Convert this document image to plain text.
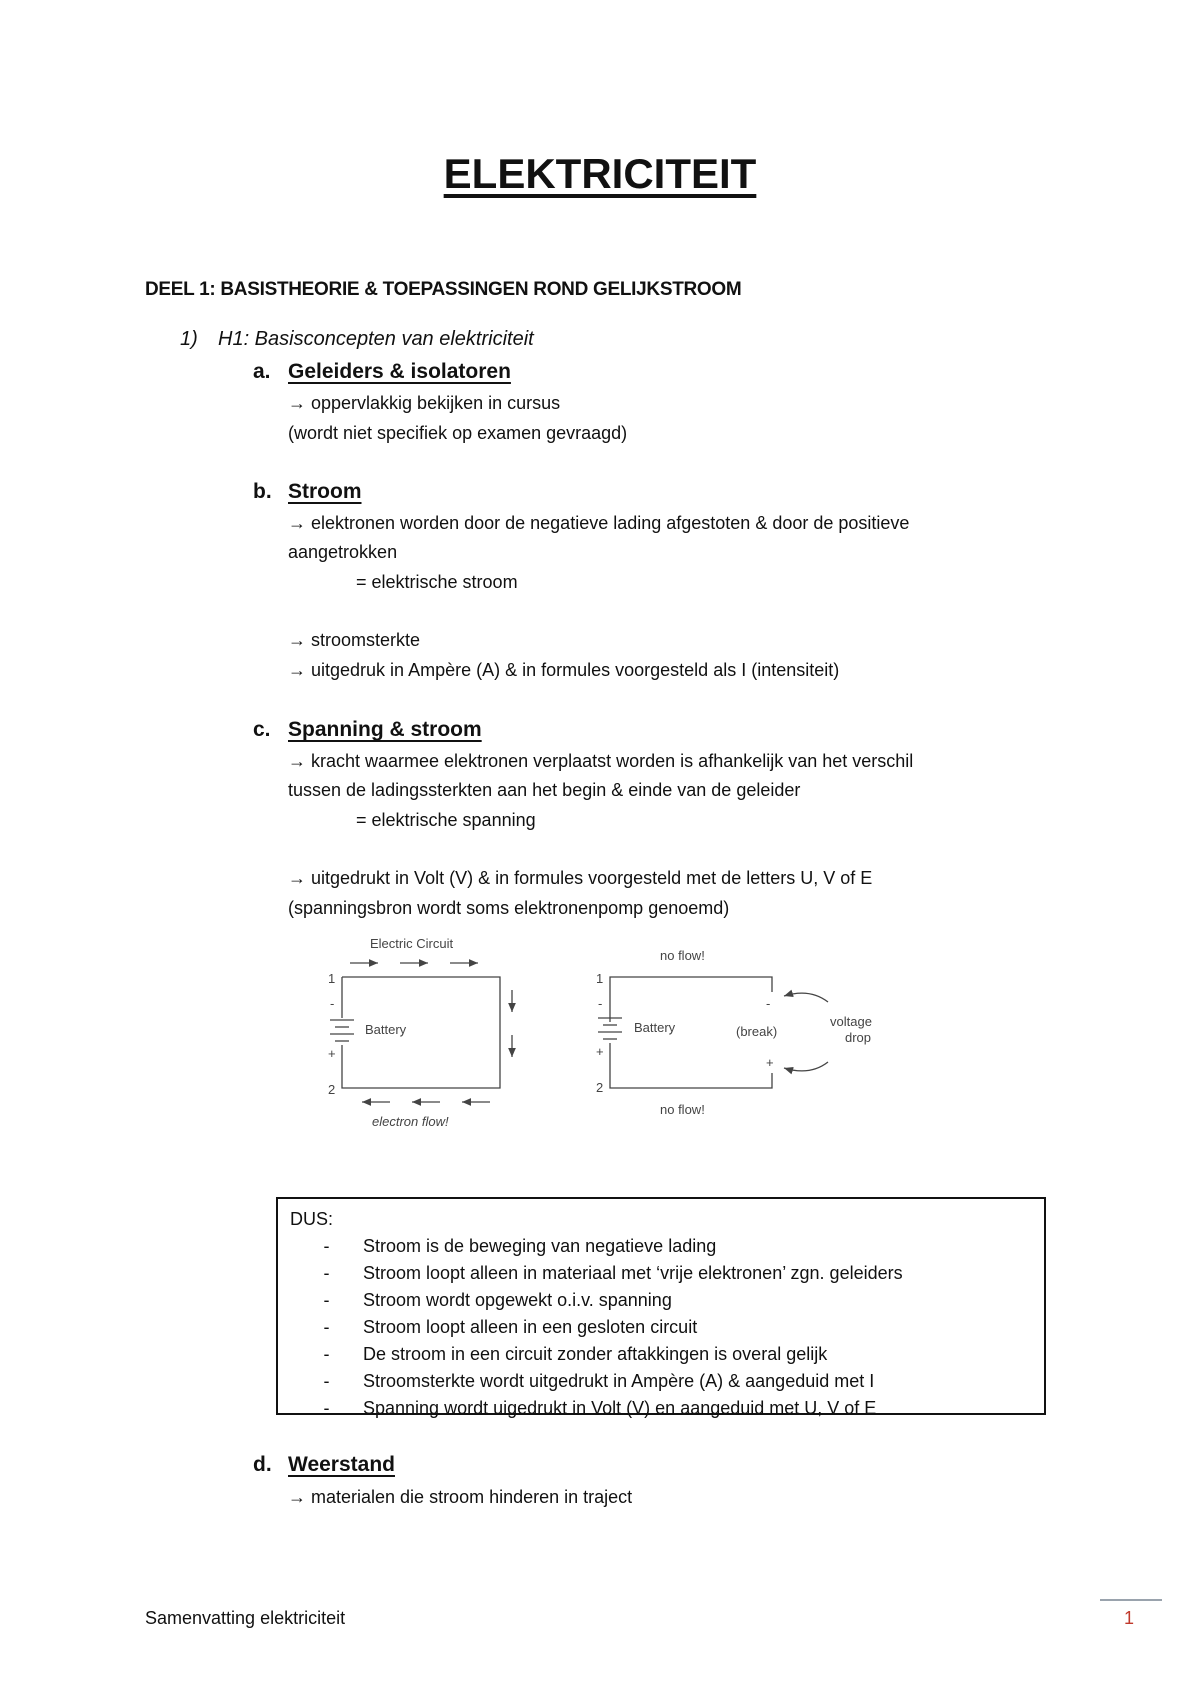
ELEKTRICITEIT
DEEL 1: BASISTHEORIE & TOEPASSINGEN ROND GELIJKSTROOM
1) H1: Basisconcepten van elektriciteit
a. Geleiders & isolatoren
→ oppervlakkig bekijken in cursus
(wordt niet specifiek op examen gevraagd)
b. Stroom
→ elektronen worden door de negatieve lading afgestoten & door de positieve
aangetrokken
= elektrische stroom
→ stroomsterkte
→ uitgedruk in Ampère (A) & in formules voorgesteld als I (intensiteit)
c. Spanning & stroom
→ kracht waarmee elektronen verplaatst worden is afhankelijk van het verschil
tussen de ladingssterkten aan het begin & einde van de geleider
= elektrische spanning
→ uitgedrukt in Volt (V) & in formules voorgesteld met de letters U, V of E
(spanningsbron wordt soms elektronenpomp genoemd)
Electric Circuit
1
-
+
Battery
2
electron flow!
no flow!
1
-
+
Battery
2
no flow!
-
(break)
+
voltage
drop
DUS:
- Stroom is de beweging van negatieve lading
- Stroom loopt alleen in materiaal met ‘vrije elektronen’ zgn. geleiders
- Stroom wordt opgewekt o.i.v. spanning
- Stroom loopt alleen in een gesloten circuit
- De stroom in een circuit zonder aftakkingen is overal gelijk
- Stroomsterkte wordt uitgedrukt in Ampère (A) & aangeduid met I
- Spanning wordt uigedrukt in Volt (V) en aangeduid met U, V of E
d. Weerstand
→ materialen die stroom hinderen in traject
Samenvatting elektriciteit	1
